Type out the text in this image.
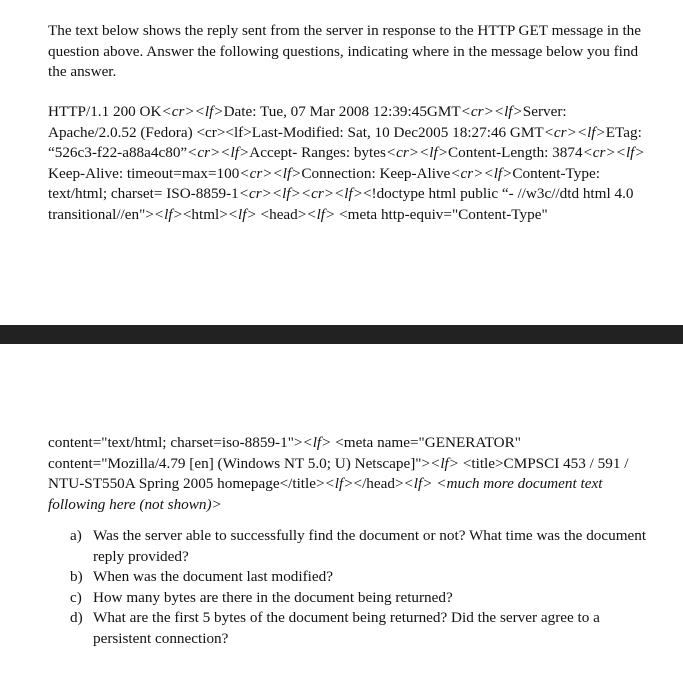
The text below shows the reply sent from the server in response to the HTTP GET message in the question above. Answer the following questions, indicating where in the message below you find the answer.

HTTP/1.1 200 OK<cr><lf>Date: Tue, 07 Mar 2008 12:39:45GMT<cr><lf>Server: Apache/2.0.52 (Fedora) <cr><lf>Last-Modified: Sat, 10 Dec2005 18:27:46 GMT<cr><lf>ETag: “526c3-f22-a88a4c80”<cr><lf>Accept- Ranges: bytes<cr><lf>Content-Length: 3874<cr><lf> Keep-Alive: timeout=max=100<cr><lf>Connection: Keep-Alive<cr><lf>Content-Type: text/html; charset= ISO-8859-1<cr><lf><cr><lf><!doctype html public “- //w3c//dtd html 4.0 transitional//en"><lf><html><lf> <head><lf> <meta http-equiv="Content-Type"

content="text/html; charset=iso-8859-1"><lf> <meta name="GENERATOR" content="Mozilla/4.79 [en] (Windows NT 5.0; U) Netscape]"><lf> <title>CMPSCI 453 / 591 / NTU-ST550A Spring 2005 homepage</title><lf></head><lf> <much more document text following here (not shown)>

a) Was the server able to successfully find the document or not? What time was the document reply provided?
b) When was the document last modified?
c) How many bytes are there in the document being returned?
d) What are the first 5 bytes of the document being returned? Did the server agree to a persistent connection?
